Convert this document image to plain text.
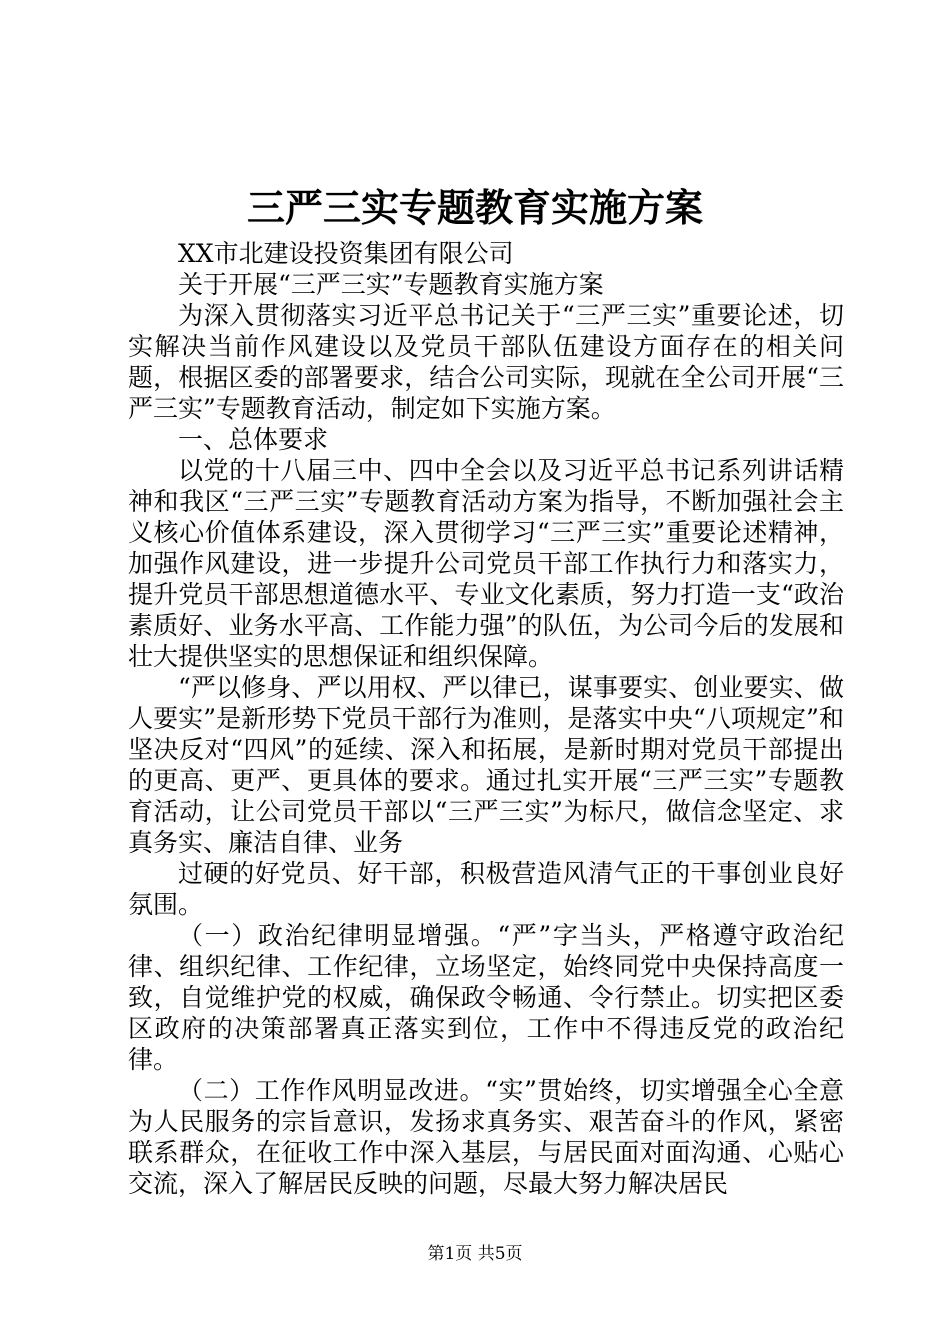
三严三实专题教育实施方案

XX市北建设投资集团有限公司

关于开展“三严三实”专题教育实施方案

为深入贯彻落实习近平总书记关于“三严三实”重要论述，切实解决当前作风建设以及党员干部队伍建设方面存在的相关问题，根据区委的部署要求，结合公司实际，现就在全公司开展“三严三实”专题教育活动，制定如下实施方案。

一、总体要求

以党的十八届三中、四中全会以及习近平总书记系列讲话精神和我区“三严三实”专题教育活动方案为指导，不断加强社会主义核心价值体系建设，深入贯彻学习“三严三实”重要论述精神，加强作风建设，进一步提升公司党员干部工作执行力和落实力，提升党员干部思想道德水平、专业文化素质，努力打造一支“政治素质好、业务水平高、工作能力强”的队伍，为公司今后的发展和壮大提供坚实的思想保证和组织保障。

“严以修身、严以用权、严以律已，谋事要实、创业要实、做人要实”是新形势下党员干部行为准则，是落实中央“八项规定”和坚决反对“四风”的延续、深入和拓展，是新时期对党员干部提出的更高、更严、更具体的要求。通过扎实开展“三严三实”专题教育活动，让公司党员干部以“三严三实”为标尺，做信念坚定、求真务实、廉洁自律、业务

过硬的好党员、好干部，积极营造风清气正的干事创业良好氛围。

（一）政治纪律明显增强。“严”字当头，严格遵守政治纪律、组织纪律、工作纪律，立场坚定，始终同党中央保持高度一致，自觉维护党的权威，确保政令畅通、令行禁止。切实把区委区政府的决策部署真正落实到位，工作中不得违反党的政治纪律。

（二）工作作风明显改进。“实”贯始终，切实增强全心全意为人民服务的宗旨意识，发扬求真务实、艰苦奋斗的作风，紧密联系群众，在征收工作中深入基层，与居民面对面沟通、心贴心交流，深入了解居民反映的问题，尽最大努力解决居民

第1页 共5页
